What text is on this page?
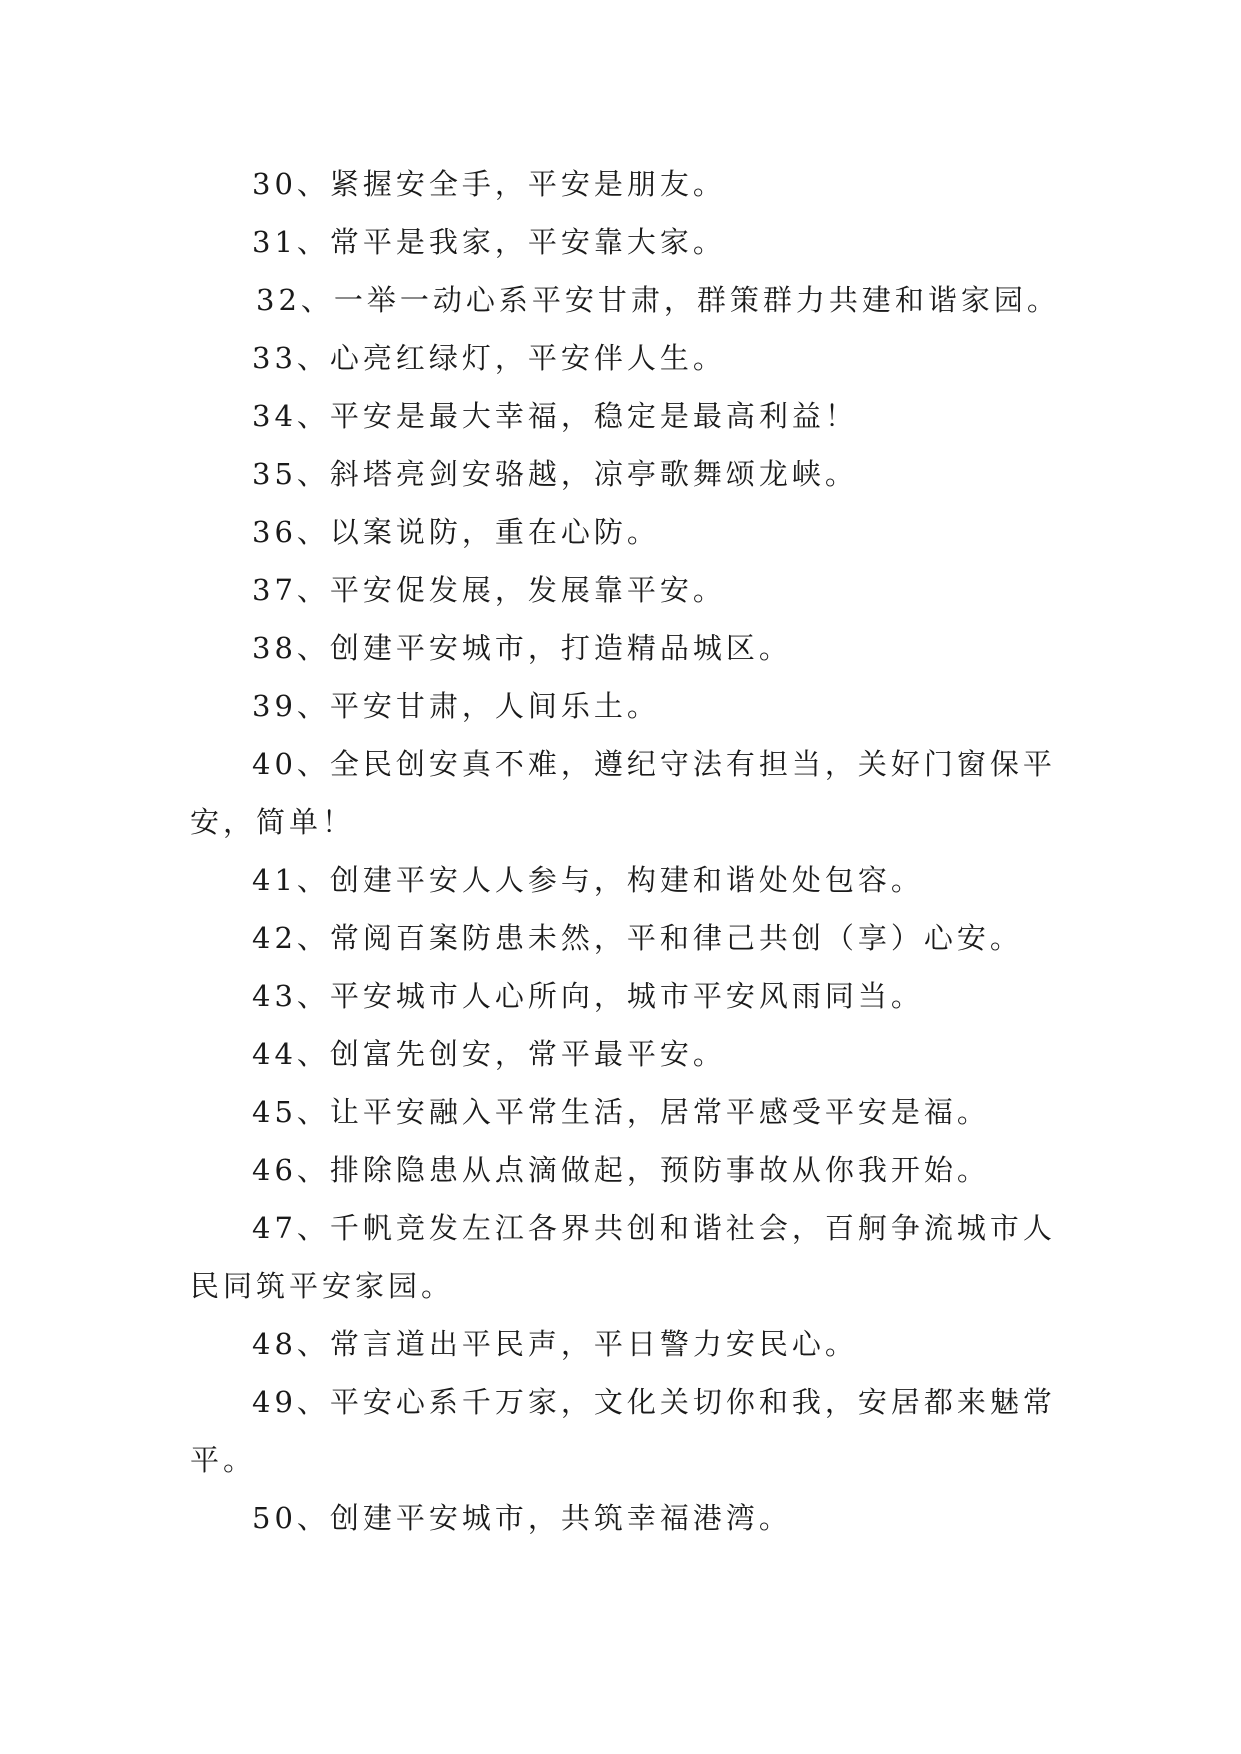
30、紧握安全手，平安是朋友。
31、常平是我家，平安靠大家。
32、一举一动心系平安甘肃，群策群力共建和谐家园。
33、心亮红绿灯，平安伴人生。
34、平安是最大幸福，稳定是最高利益！
35、斜塔亮剑安骆越，凉亭歌舞颂龙峡。
36、以案说防，重在心防。
37、平安促发展，发展靠平安。
38、创建平安城市，打造精品城区。
39、平安甘肃，人间乐土。
40、全民创安真不难，遵纪守法有担当，关好门窗保平
安，简单！
41、创建平安人人参与，构建和谐处处包容。
42、常阅百案防患未然，平和律己共创（享）心安。
43、平安城市人心所向，城市平安风雨同当。
44、创富先创安，常平最平安。
45、让平安融入平常生活，居常平感受平安是福。
46、排除隐患从点滴做起，预防事故从你我开始。
47、千帆竞发左江各界共创和谐社会，百舸争流城市人
民同筑平安家园。
48、常言道出平民声，平日警力安民心。
49、平安心系千万家，文化关切你和我，安居都来魅常
平。
50、创建平安城市，共筑幸福港湾。
